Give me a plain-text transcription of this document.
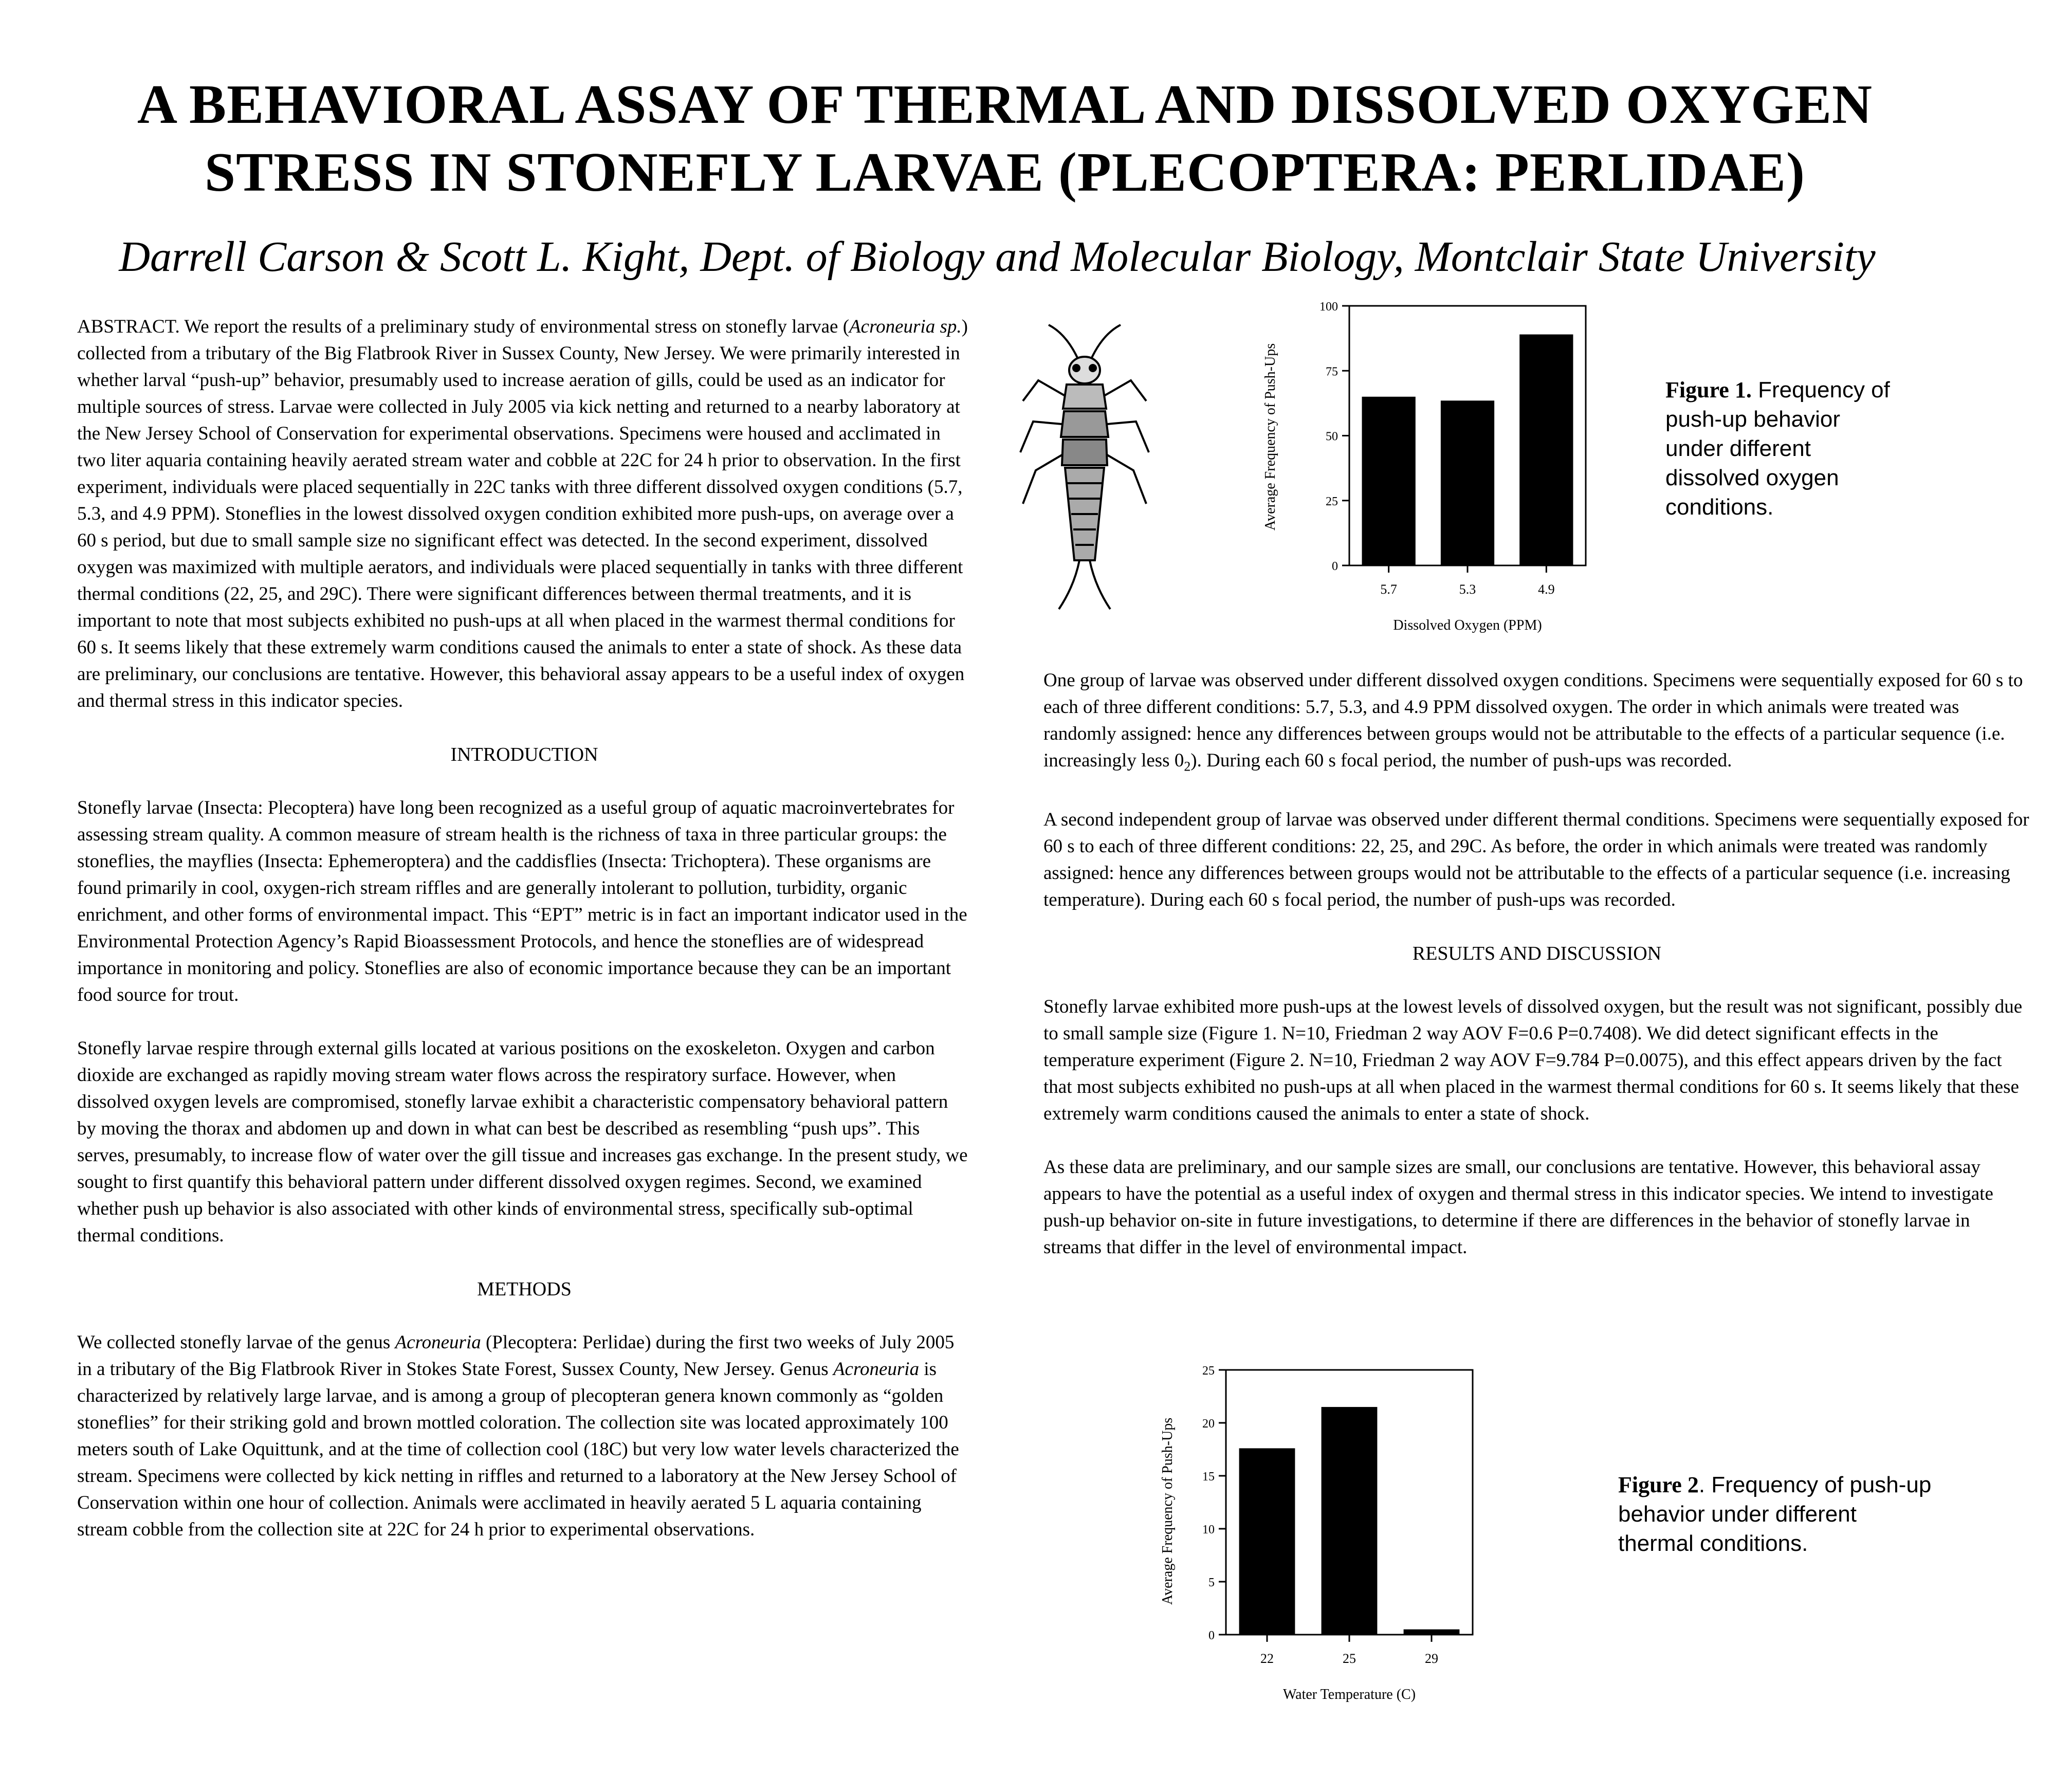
A BEHAVIORAL ASSAY OF THERMAL AND DISSOLVED OXYGEN
STRESS IN STONEFLY LARVAE (PLECOPTERA: PERLIDAE)
Darrell Carson & Scott L. Kight, Dept. of Biology and Molecular Biology, Montclair State University

ABSTRACT. We report the results of a preliminary study of environmental stress on stonefly larvae (Acroneuria sp.) collected from a tributary of the Big Flatbrook River in Sussex County, New Jersey. We were primarily interested in whether larval “push-up” behavior, presumably used to increase aeration of gills, could be used as an indicator for multiple sources of stress. Larvae were collected in July 2005 via kick netting and returned to a nearby laboratory at the New Jersey School of Conservation for experimental observations. Specimens were housed and acclimated in two liter aquaria containing heavily aerated stream water and cobble at 22C for 24 h prior to observation. In the first experiment, individuals were placed sequentially in 22C tanks with three different dissolved oxygen conditions (5.7, 5.3, and 4.9 PPM). Stoneflies in the lowest dissolved oxygen condition exhibited more push-ups, on average over a 60 s period, but due to small sample size no significant effect was detected. In the second experiment, dissolved oxygen was maximized with multiple aerators, and individuals were placed sequentially in tanks with three different thermal conditions (22, 25, and 29C). There were significant differences between thermal treatments, and it is important to note that most subjects exhibited no push-ups at all when placed in the warmest thermal conditions for 60 s. It seems likely that these extremely warm conditions caused the animals to enter a state of shock. As these data are preliminary, our conclusions are tentative. However, this behavioral assay appears to be a useful index of oxygen and thermal stress in this indicator species.

INTRODUCTION

Stonefly larvae (Insecta: Plecoptera) have long been recognized as a useful group of aquatic macroinvertebrates for assessing stream quality. A common measure of stream health is the richness of taxa in three particular groups: the stoneflies, the mayflies (Insecta: Ephemeroptera) and the caddisflies (Insecta: Trichoptera). These organisms are found primarily in cool, oxygen-rich stream riffles and are generally intolerant to pollution, turbidity, organic enrichment, and other forms of environmental impact. This “EPT” metric is in fact an important indicator used in the Environmental Protection Agency’s Rapid Bioassessment Protocols, and hence the stoneflies are of widespread importance in monitoring and policy. Stoneflies are also of economic importance because they can be an important food source for trout.

Stonefly larvae respire through external gills located at various positions on the exoskeleton. Oxygen and carbon dioxide are exchanged as rapidly moving stream water flows across the respiratory surface. However, when dissolved oxygen levels are compromised, stonefly larvae exhibit a characteristic compensatory behavioral pattern by moving the thorax and abdomen up and down in what can best be described as resembling “push ups”. This serves, presumably, to increase flow of water over the gill tissue and increases gas exchange. In the present study, we sought to first quantify this behavioral pattern under different dissolved oxygen regimes. Second, we examined whether push up behavior is also associated with other kinds of environmental stress, specifically sub-optimal thermal conditions.

METHODS

We collected stonefly larvae of the genus Acroneuria (Plecoptera: Perlidae) during the first two weeks of July 2005 in a tributary of the Big Flatbrook River in Stokes State Forest, Sussex County, New Jersey. Genus Acroneuria is characterized by relatively large larvae, and is among a group of plecopteran genera known commonly as “golden stoneflies” for their striking gold and brown mottled coloration. The collection site was located approximately 100 meters south of Lake Oquittunk, and at the time of collection cool (18C) but very low water levels characterized the stream. Specimens were collected by kick netting in riffles and returned to a laboratory at the New Jersey School of Conservation within one hour of collection. Animals were acclimated in heavily aerated 5 L aquaria containing stream cobble from the collection site at 22C for 24 h prior to experimental observations.

0
25
50
75
100
5.7	5.3	4.9
Average Frequency of Push-Ups
Dissolved Oxygen (PPM)
Figure 1. Frequency of push-up behavior under different dissolved oxygen conditions.

One group of larvae was observed under different dissolved oxygen conditions. Specimens were sequentially exposed for 60 s to each of three different conditions: 5.7, 5.3, and 4.9 PPM dissolved oxygen. The order in which animals were treated was randomly assigned: hence any differences between groups would not be attributable to the effects of a particular sequence (i.e. increasingly less $0_2$). During each 60 s focal period, the number of push-ups was recorded.

A second independent group of larvae was observed under different thermal conditions. Specimens were sequentially exposed for 60 s to each of three different conditions: 22, 25, and 29C. As before, the order in which animals were treated was randomly assigned: hence any differences between groups would not be attributable to the effects of a particular sequence (i.e. increasing temperature). During each 60 s focal period, the number of push-ups was recorded.

RESULTS AND DISCUSSION

Stonefly larvae exhibited more push-ups at the lowest levels of dissolved oxygen, but the result was not significant, possibly due to small sample size (Figure 1. N=10, Friedman 2 way AOV F=0.6 P=0.7408). We did detect significant effects in the temperature experiment (Figure 2. N=10, Friedman 2 way AOV F=9.784 P=0.0075), and this effect appears driven by the fact that most subjects exhibited no push-ups at all when placed in the warmest thermal conditions for 60 s. It seems likely that these extremely warm conditions caused the animals to enter a state of shock.

As these data are preliminary, and our sample sizes are small, our conclusions are tentative. However, this behavioral assay appears to have the potential as a useful index of oxygen and thermal stress in this indicator species. We intend to investigate push-up behavior on-site in future investigations, to determine if there are differences in the behavior of stonefly larvae in streams that differ in the level of environmental impact.

0
5
10
15
20
25
22	25	29
Average Frequency of Push-Ups
Water Temperature (C)
Figure 2. Frequency of push-up behavior under different thermal conditions.
